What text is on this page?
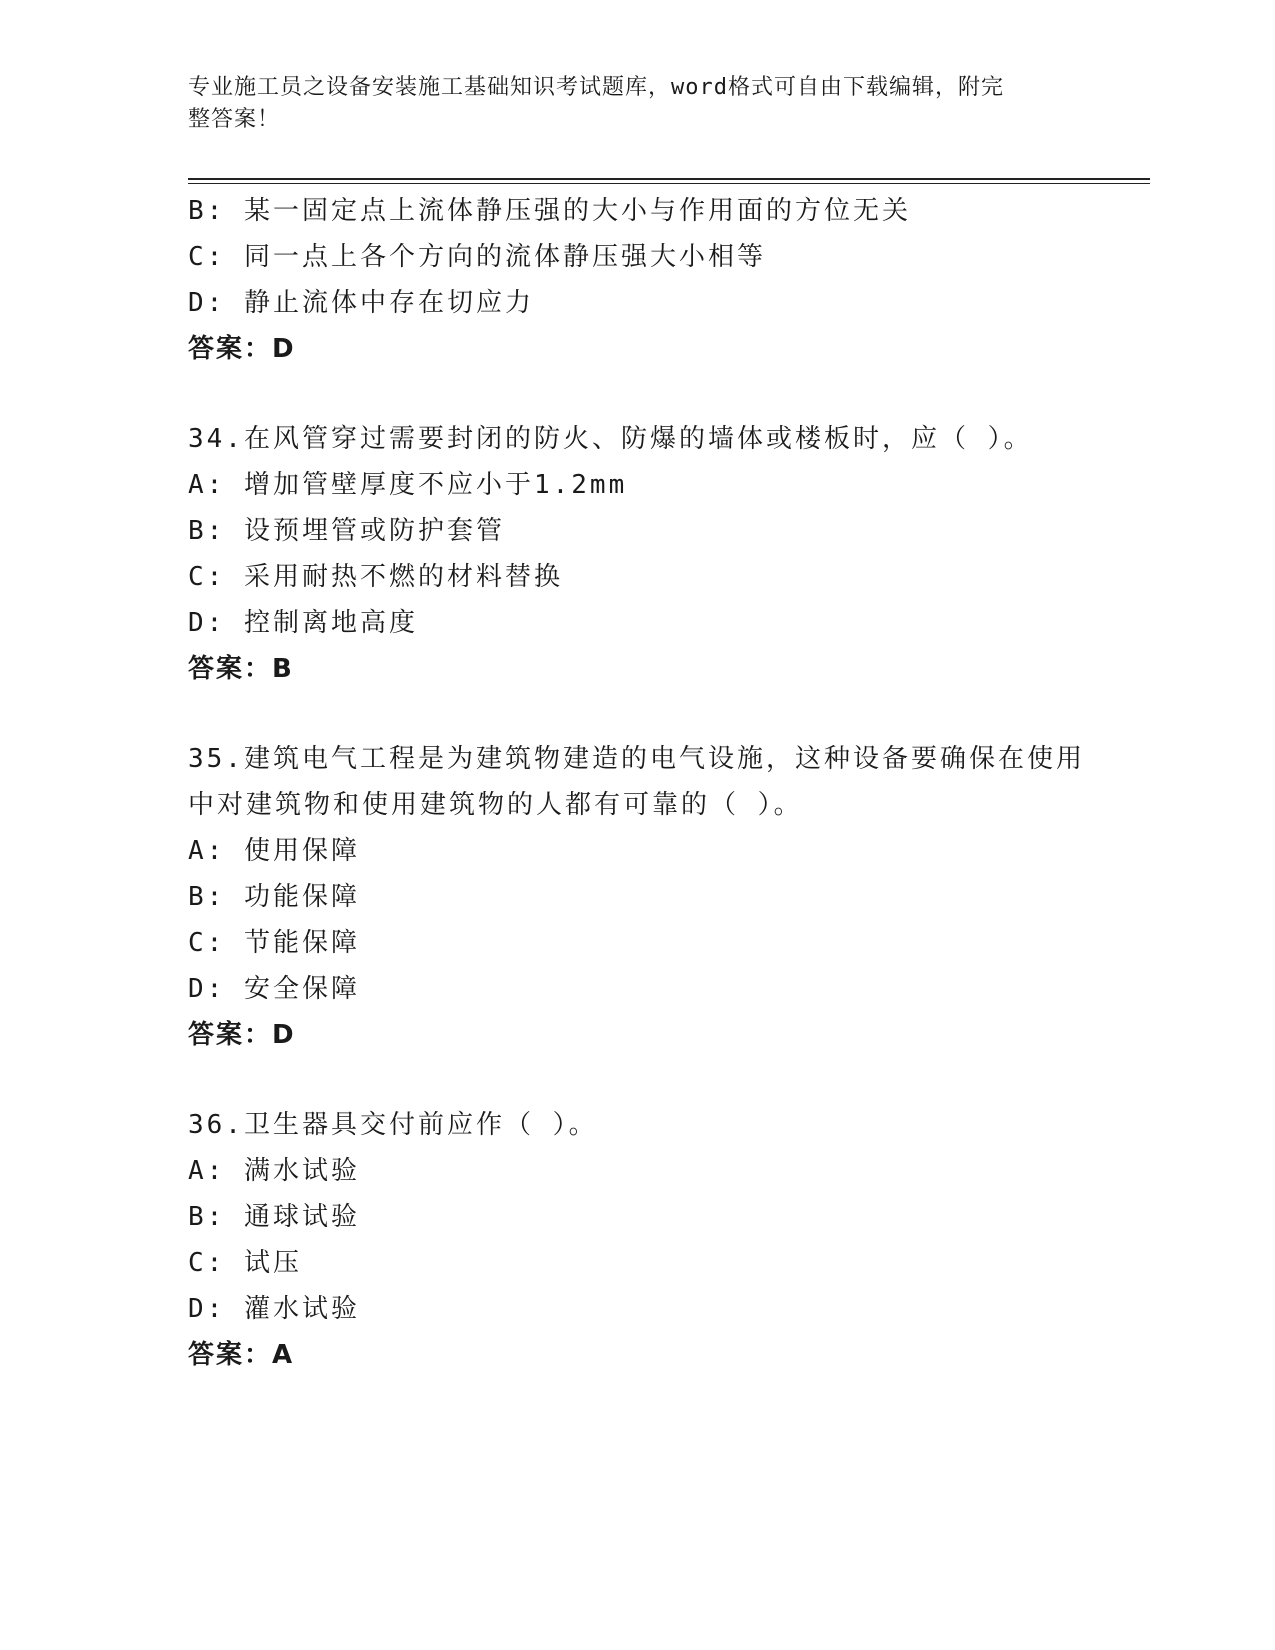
专业施工员之设备安装施工基础知识考试题库，word格式可自由下载编辑，附完
整答案！
B: 某一固定点上流体静压强的大小与作用面的方位无关
C: 同一点上各个方向的流体静压强大小相等
D: 静止流体中存在切应力
答案：D
34.在风管穿过需要封闭的防火、防爆的墙体或楼板时，应（ ）。
A: 增加管壁厚度不应小于1.2mm
B: 设预埋管或防护套管
C: 采用耐热不燃的材料替换
D: 控制离地高度
答案：B
35.建筑电气工程是为建筑物建造的电气设施，这种设备要确保在使用
中对建筑物和使用建筑物的人都有可靠的（ ）。
A: 使用保障
B: 功能保障
C: 节能保障
D: 安全保障
答案：D
36.卫生器具交付前应作（ ）。
A: 满水试验
B: 通球试验
C: 试压
D: 灌水试验
答案：A
